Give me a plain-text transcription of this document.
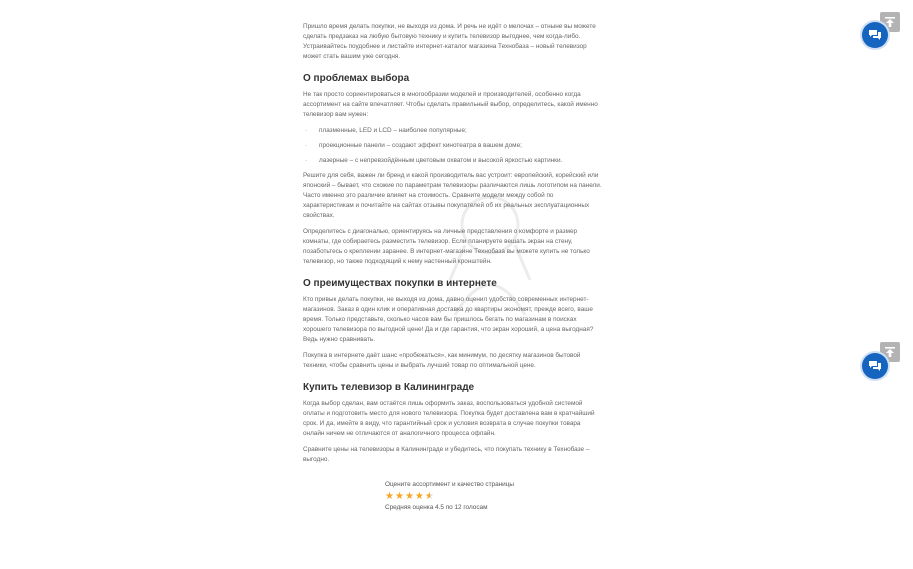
Пришло время делать покупки, не выходя из дома. И речь не идёт о мелочах – отныне вы можете сделать предзаказ на любую бытовую технику и купить телевизор выгоднее, чем когда-либо. Устраивайтесь поудобнее и листайте интернет-каталог магазина Технобаза – новый телевизор может стать вашим уже сегодня.

О проблемах выбора

Не так просто сориентироваться в многообразии моделей и производителей, особенно когда ассортимент на сайте впечатляет. Чтобы сделать правильный выбор, определитесь, какой именно телевизор вам нужен:

· плазменные, LED и LCD – наиболее популярные;
· проекционные панели – создают эффект кинотеатра в вашем доме;
· лазерные – с непревзойдённым цветовым охватом и высокой яркостью картинки.

Решите для себя, важен ли бренд и какой производитель вас устроит: европейский, корейский или японский – бывает, что схожие по параметрам телевизоры различаются лишь логотипом на панели. Часто именно это различие влияет на стоимость. Сравните модели между собой по характеристикам и почитайте на сайтах отзывы покупателей об их реальных эксплуатационных свойствах.

Определитесь с диагональю, ориентируясь на личные представления о комфорте и размер комнаты, где собираетесь разместить телевизор. Если планируете вешать экран на стену, позаботьтесь о креплении заранее. В интернет-магазине Технобаза вы можете купить не только телевизор, но также подходящий к нему настенный кронштейн.

О преимуществах покупки в интернете

Кто привык делать покупки, не выходя из дома, давно оценил удобство современных интернет-магазинов. Заказ в один клик и оперативная доставка до квартиры экономят, прежде всего, ваше время. Только представьте, сколько часов вам бы пришлось бегать по магазинам в поисках хорошего телевизора по выгодной цене! Да и где гарантия, что экран хороший, а цена выгодная? Ведь нужно сравнивать.

Покупка в интернете даёт шанс «пробежаться», как минимум, по десятку магазинов бытовой техники, чтобы сравнить цены и выбрать лучший товар по оптимальной цене.

Купить телевизор в Калининграде

Когда выбор сделан, вам остаётся лишь оформить заказ, воспользоваться удобной системой оплаты и подготовить место для нового телевизора. Покупка будет доставлена вам в кратчайший срок. И да, имейте в виду, что гарантийный срок и условия возврата в случае покупки товара онлайн ничем не отличаются от аналогичного процесса офлайн.

Сравните цены на телевизоры в Калининграде и убедитесь, что покупать технику в Технобазе – выгодно.

Оцените ассортимент и качество страницы
★ ★ ★ ★ ★
Средняя оценка 4.5 по 12 голосам
